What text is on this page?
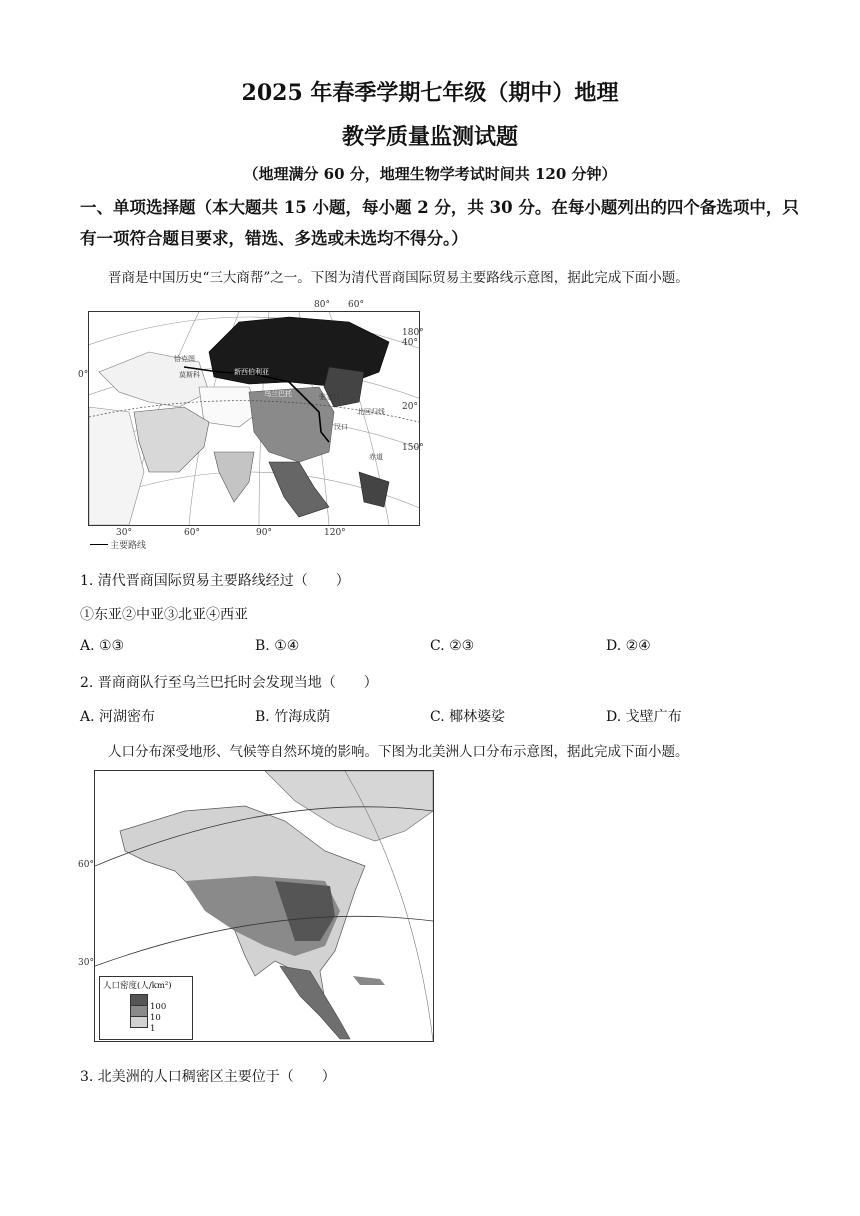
2025 年春季学期七年级（期中）地理
教学质量监测试题
（地理满分 60 分，地理生物学考试时间共 120 分钟）
一、单项选择题（本大题共 15 小题，每小题 2 分，共 30 分。在每小题列出的四个备选项中，只有一项符合题目要求，错选、多选或未选均不得分。）
晋商是中国历史“三大商帮”之一。下图为清代晋商国际贸易主要路线示意图，据此完成下面小题。
80° 60°
恰克图
莫斯科	新西伯利亚
乌兰巴托	张家口
汉口
北回归线
赤道
180°
40°
20°
150°
0°
30°	60°	90°	120°
主要路线
1. 清代晋商国际贸易主要路线经过（　　）
①东亚②中亚③北亚④西亚
A. ①③	B. ①④	C. ②③	D. ②④
2. 晋商商队行至乌兰巴托时会发现当地（　　）
A. 河湖密布	B. 竹海成荫	C. 椰林婆娑	D. 戈壁广布
人口分布深受地形、气候等自然环境的影响。下图为北美洲人口分布示意图，据此完成下面小题。
人口密度(人/km²)
100
10
1
60°
30°
3. 北美洲的人口稠密区主要位于（　　）
